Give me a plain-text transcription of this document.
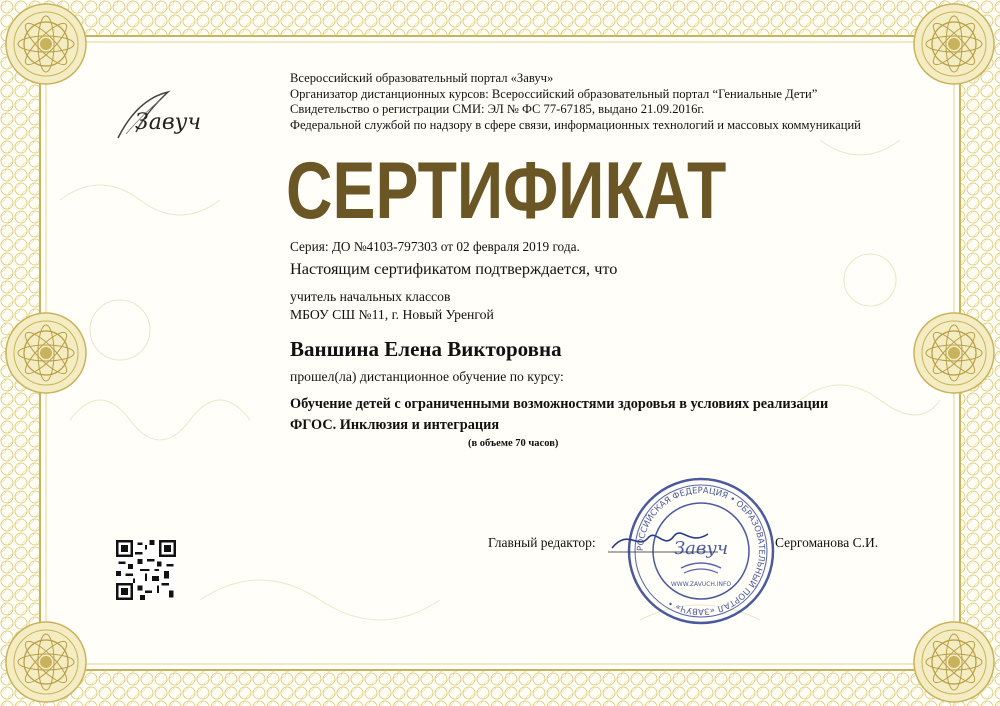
Завуч
Всероссийский образовательный портал «Завуч»
Организатор дистанционных курсов: Всероссийский образовательный портал “Гениальные Дети”
Свидетельство о регистрации СМИ: ЭЛ № ФС 77-67185, выдано 21.09.2016г.
Федеральной службой по надзору в сфере связи, информационных технологий и массовых коммуникаций
СЕРТИФИКАТ
Серия: ДО №4103-797303 от 02 февраля 2019 года.
Настоящим сертификатом подтверждается, что
учитель начальных классов
МБОУ СШ №11, г. Новый Уренгой
Ваншина Елена Викторовна
прошел(ла) дистанционное обучение по курсу:
Обучение детей с ограниченными возможностями здоровья в условиях реализации ФГОС. Инклюзия и интеграция
(в объеме 70 часов)
Главный редактор:	Сергоманова С.И.
РОССИЙСКАЯ ФЕДЕРАЦИЯ • ОБРАЗОВАТЕЛЬНЫЙ ПОРТАЛ «ЗАВУЧ» •
Завуч
WWW.ZAVUCH.INFO
